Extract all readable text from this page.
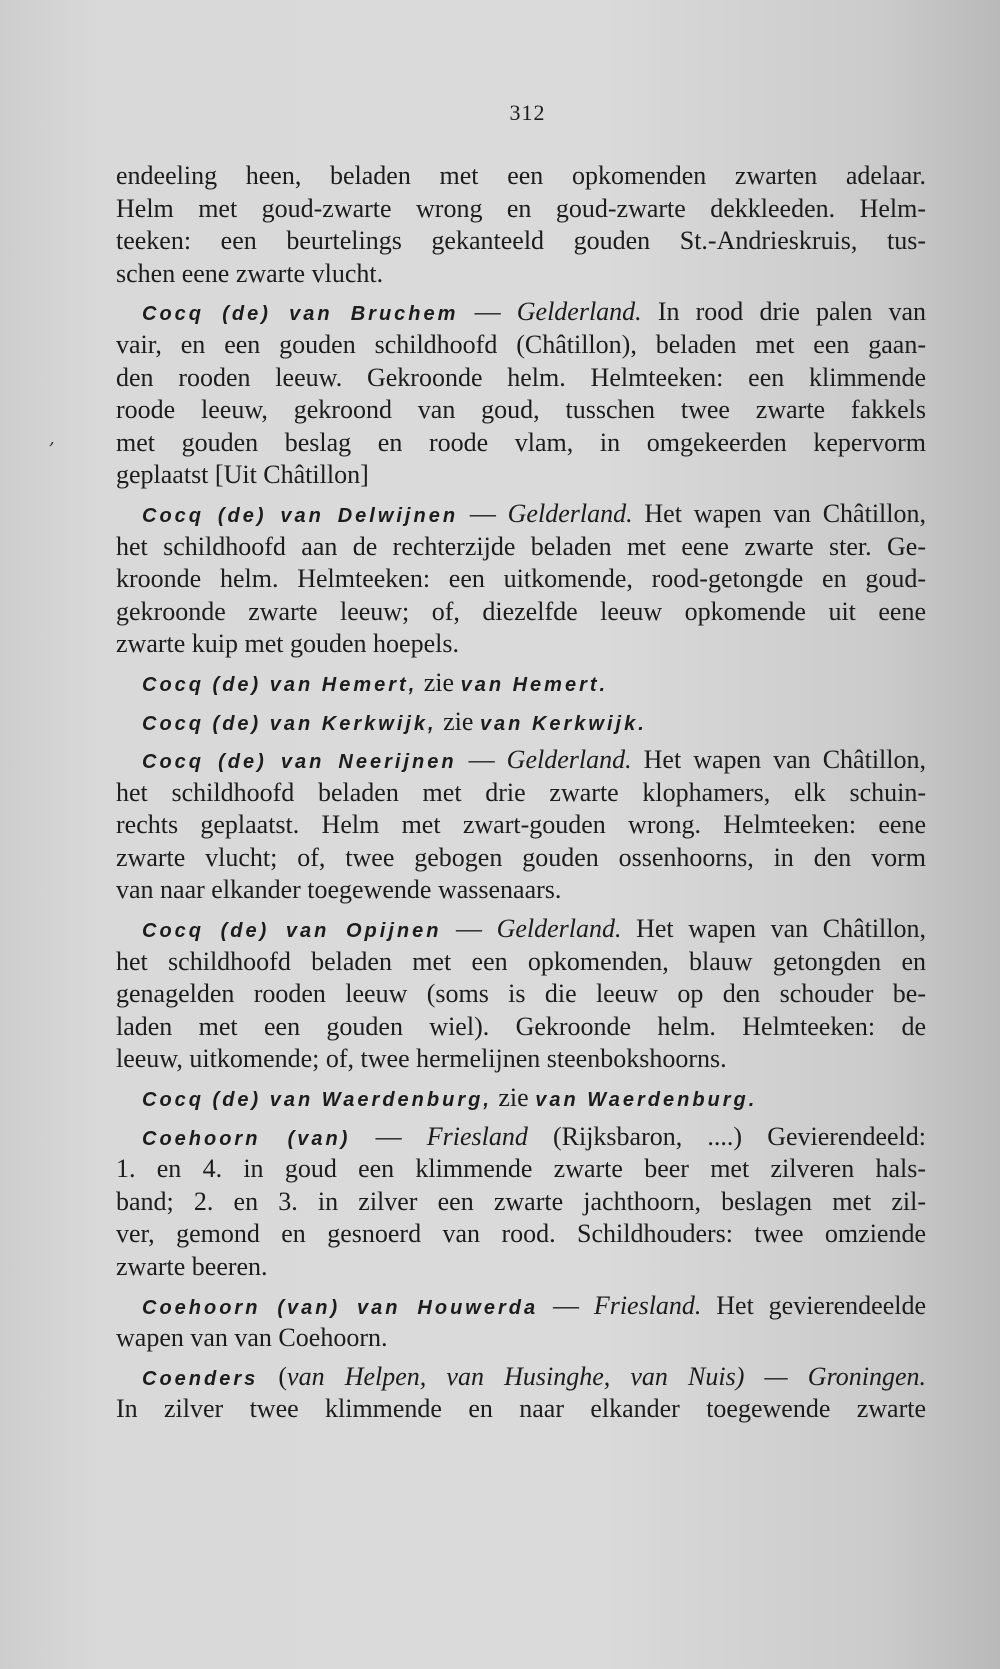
312
,
endeeling heen, beladen met een opkomenden zwarten adelaar.
Helm met goud-zwarte wrong en goud-zwarte dekkleeden. Helm-
teeken: een beurtelings gekanteeld gouden St.-Andrieskruis, tus-
schen eene zwarte vlucht.
Cocq (de) van Bruchem — Gelderland. In rood drie palen van
vair, en een gouden schildhoofd (Châtillon), beladen met een gaan-
den rooden leeuw. Gekroonde helm. Helmteeken: een klimmende
roode leeuw, gekroond van goud, tusschen twee zwarte fakkels
met gouden beslag en roode vlam, in omgekeerden kepervorm
geplaatst [Uit Châtillon]
Cocq (de) van Delwijnen — Gelderland. Het wapen van Châtillon,
het schildhoofd aan de rechterzijde beladen met eene zwarte ster. Ge-
kroonde helm. Helmteeken: een uitkomende, rood-getongde en goud-
gekroonde zwarte leeuw; of, diezelfde leeuw opkomende uit eene
zwarte kuip met gouden hoepels.
Cocq (de) van Hemert, zie van Hemert.
Cocq (de) van Kerkwijk, zie van Kerkwijk.
Cocq (de) van Neerijnen — Gelderland. Het wapen van Châtillon,
het schildhoofd beladen met drie zwarte klophamers, elk schuin-
rechts geplaatst. Helm met zwart-gouden wrong. Helmteeken: eene
zwarte vlucht; of, twee gebogen gouden ossenhoorns, in den vorm
van naar elkander toegewende wassenaars.
Cocq (de) van Opijnen — Gelderland. Het wapen van Châtillon,
het schildhoofd beladen met een opkomenden, blauw getongden en
genagelden rooden leeuw (soms is die leeuw op den schouder be-
laden met een gouden wiel). Gekroonde helm. Helmteeken: de
leeuw, uitkomende; of, twee hermelijnen steenbokshoorns.
Cocq (de) van Waerdenburg, zie van Waerdenburg.
Coehoorn (van) — Friesland (Rijksbaron, ....) Gevierendeeld:
1. en 4. in goud een klimmende zwarte beer met zilveren hals-
band; 2. en 3. in zilver een zwarte jachthoorn, beslagen met zil-
ver, gemond en gesnoerd van rood. Schildhouders: twee omziende
zwarte beeren.
Coehoorn (van) van Houwerda — Friesland. Het gevierendeelde
wapen van van Coehoorn.
Coenders (van Helpen, van Husinghe, van Nuis) — Groningen.
In zilver twee klimmende en naar elkander toegewende zwarte
